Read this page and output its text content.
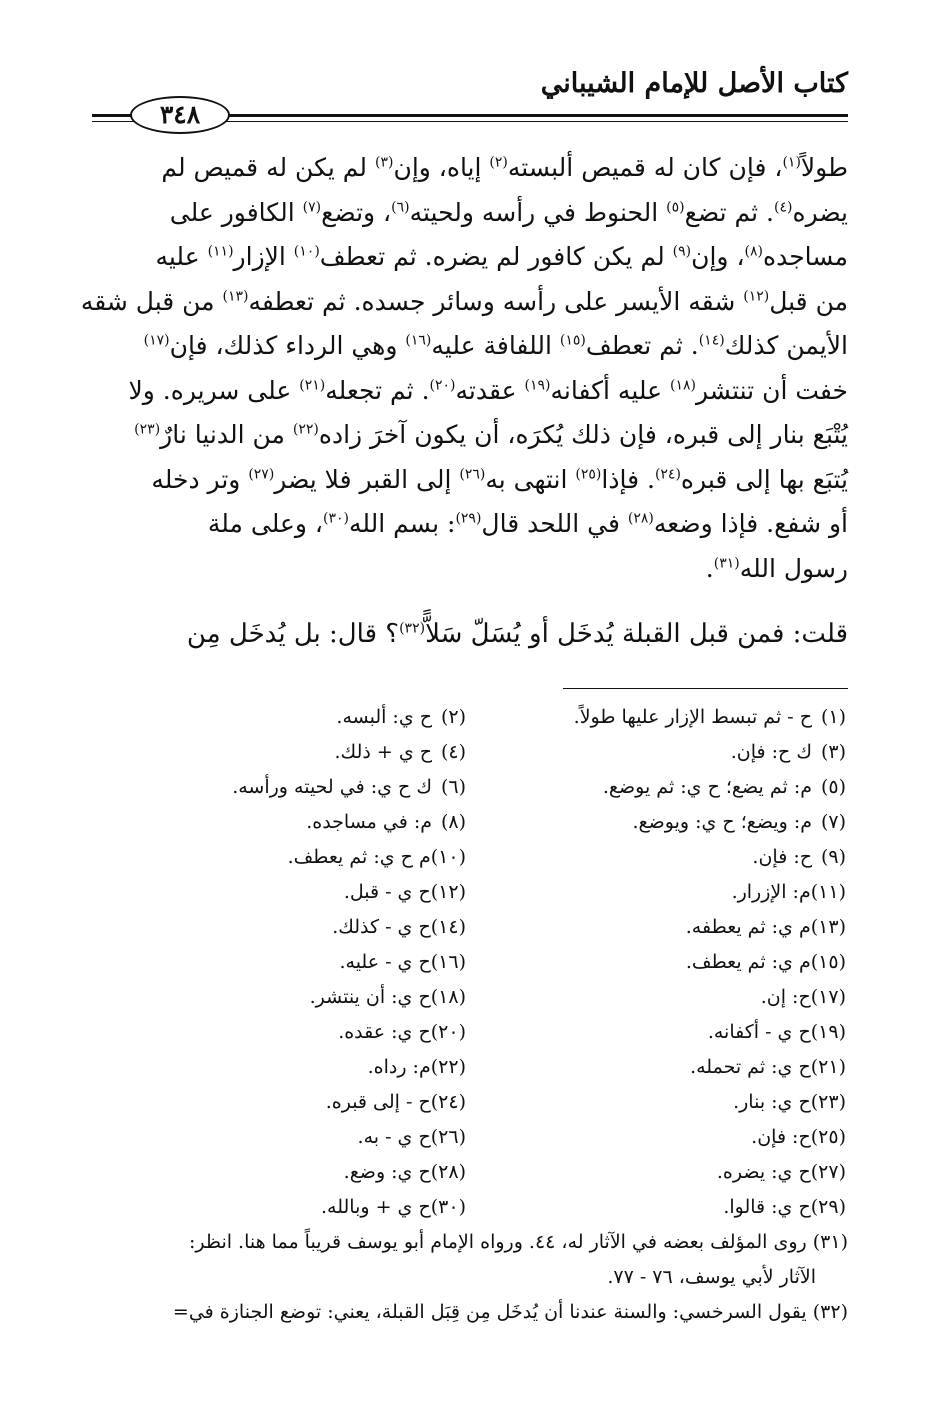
كتاب الأصل للإمام الشيباني
٣٤٨
طولاً$^{(١)}$، فإن كان له قميص ألبسته$^{(٢)}$ إياه، وإن$^{(٣)}$ لم يكن له قميص لم
يضره$^{(٤)}$. ثم تضع$^{(٥)}$ الحنوط في رأسه ولحيته$^{(٦)}$، وتضع$^{(٧)}$ الكافور على
مساجده$^{(٨)}$، وإن$^{(٩)}$ لم يكن كافور لم يضره. ثم تعطف$^{(١٠)}$ الإزار$^{(١١)}$ عليه
من قبل$^{(١٢)}$ شقه الأيسر على رأسه وسائر جسده. ثم تعطفه$^{(١٣)}$ من قبل شقه
الأيمن كذلك$^{(١٤)}$. ثم تعطف$^{(١٥)}$ اللفافة عليه$^{(١٦)}$ وهي الرداء كذلك، فإن$^{(١٧)}$
خفت أن تنتشر$^{(١٨)}$ عليه أكفانه$^{(١٩)}$ عقدته$^{(٢٠)}$. ثم تجعله$^{(٢١)}$ على سريره. ولا
يُتْبَع بنار إلى قبره، فإن ذلك يُكرَه، أن يكون آخرَ زاده$^{(٢٢)}$ من الدنيا نارٌ$^{(٢٣)}$
يُتبَع بها إلى قبره$^{(٢٤)}$. فإذا$^{(٢٥)}$ انتهى به$^{(٢٦)}$ إلى القبر فلا يضر$^{(٢٧)}$ وتر دخله
أو شفع. فإذا وضعه$^{(٢٨)}$ في اللحد قال$^{(٢٩)}$: بسم الله$^{(٣٠)}$، وعلى ملة
رسول الله$^{(٣١)}$.
قلت: فمن قبل القبلة يُدخَل أو يُسَلّ سَلاًّ$^{(٣٢)}$؟ قال: بل يُدخَل مِن
(١)ح - ثم تبسط الإزار عليها طولاً.
(٢)ح ي: ألبسه.
(٣)ك ح: فإن.
(٤)ح ي + ذلك.
(٥)م: ثم يضع؛ ح ي: ثم يوضع.
(٦)ك ح ي: في لحيته ورأسه.
(٧)م: ويضع؛ ح ي: ويوضع.
(٨)م: في مساجده.
(٩)ح: فإن.
(١٠)م ح ي: ثم يعطف.
(١١)م: الإزرار.
(١٢)ح ي - قبل.
(١٣)م ي: ثم يعطفه.
(١٤)ح ي - كذلك.
(١٥)م ي: ثم يعطف.
(١٦)ح ي - عليه.
(١٧)ح: إن.
(١٨)ح ي: أن ينتشر.
(١٩)ح ي - أكفانه.
(٢٠)ح ي: عقده.
(٢١)ح ي: ثم تحمله.
(٢٢)م: رداه.
(٢٣)ح ي: بنار.
(٢٤)ح - إلى قبره.
(٢٥)ح: فإن.
(٢٦)ح ي - به.
(٢٧)ح ي: يضره.
(٢٨)ح ي: وضع.
(٢٩)ح ي: قالوا.
(٣٠)ح ي + وبالله.
(٣١) روى المؤلف بعضه في الآثار له، ٤٤. ورواه الإمام أبو يوسف قريباً مما هنا. انظر:
الآثار لأبي يوسف، ٧٦ - ٧٧.
(٣٢) يقول السرخسي: والسنة عندنا أن يُدخَل مِن قِبَل القبلة، يعني: توضع الجنازة في=
